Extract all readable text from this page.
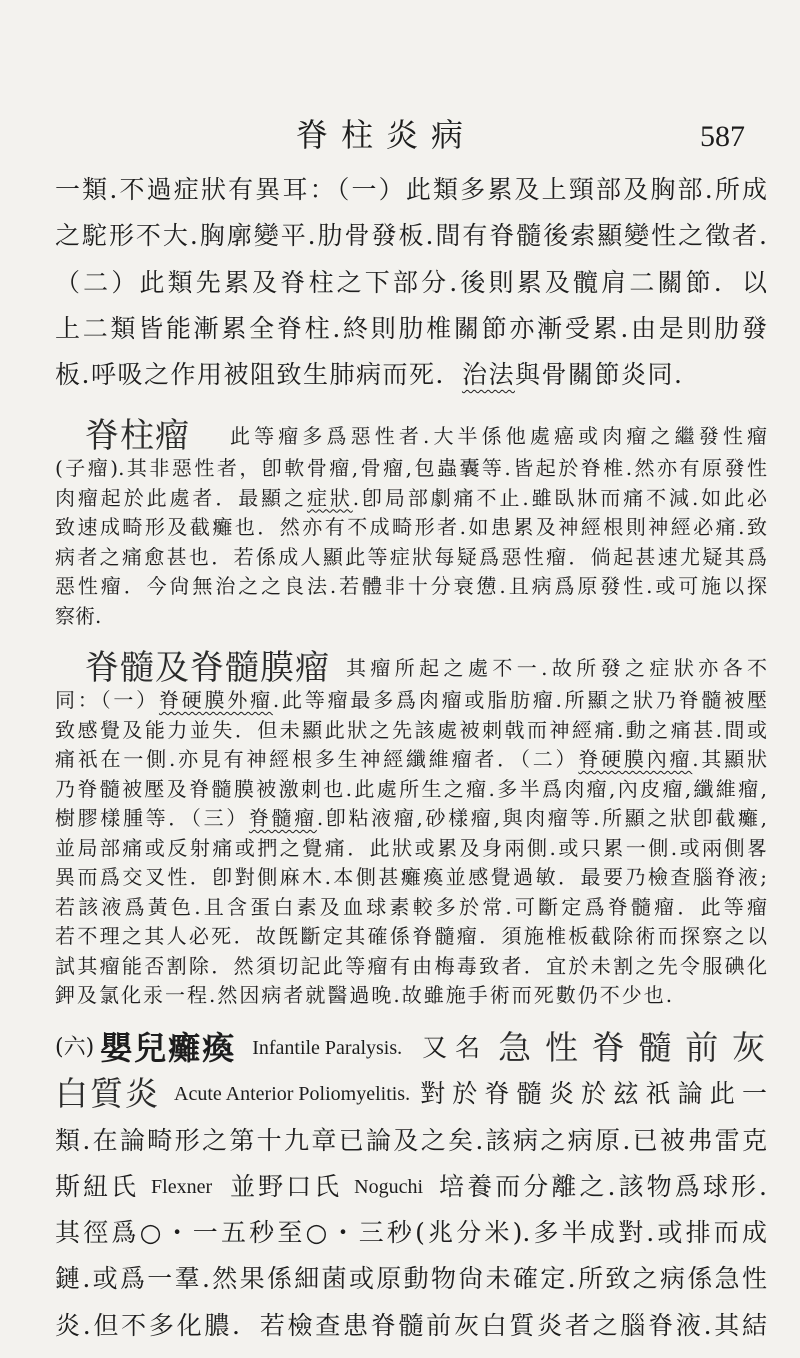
脊柱炎病	587
一類.不過症狀有異耳：（一）此類多累及上頸部及胸部.所成
之駝形不大.胸廓變平.肋骨發板.間有脊髓後索顯變性之徵者.
（二）此類先累及脊柱之下部分.後則累及髖肩二關節．以
上二類皆能漸累全脊柱.終則肋椎關節亦漸受累.由是則肋發
板.呼吸之作用被阻致生肺病而死．治法與骨關節炎同.
脊柱瘤 此等瘤多爲惡性者.大半係他處癌或肉瘤之繼發性瘤
(子瘤).其非惡性者，卽軟骨瘤,骨瘤,包蟲囊等.皆起於脊椎.然亦有原發性
肉瘤起於此處者．最顯之症狀.卽局部劇痛不止.雖臥牀而痛不減.如此必
致速成畸形及截癱也．然亦有不成畸形者.如患累及神經根則神經必痛.致
病者之痛愈甚也．若係成人顯此等症狀每疑爲惡性瘤．倘起甚速尤疑其爲
惡性瘤．今尙無治之之良法.若體非十分衰憊.且病爲原發性.或可施以探
察術.
脊髓及脊髓膜瘤 其瘤所起之處不一.故所發之症狀亦各不
同：（一）脊硬膜外瘤.此等瘤最多爲肉瘤或脂肪瘤.所顯之狀乃脊髓被壓
致感覺及能力並失．但未顯此狀之先該處被刺戟而神經痛.動之痛甚.間或
痛祇在一側.亦見有神經根多生神經纖維瘤者．（二）脊硬膜內瘤.其顯狀
乃脊髓被壓及脊髓膜被激刺也.此處所生之瘤.多半爲肉瘤,內皮瘤,纖維瘤,
樹膠樣腫等．（三）脊髓瘤.卽粘液瘤,砂樣瘤,與肉瘤等.所顯之狀卽截癱,
並局部痛或反射痛或捫之覺痛．此狀或累及身兩側.或只累一側.或兩側畧
異而爲交叉性．卽對側麻木.本側甚癱瘓並感覺過敏．最要乃檢查腦脊液;
若該液爲黃色.且含蛋白素及血球素較多於常.可斷定爲脊髓瘤．此等瘤
若不理之其人必死．故旣斷定其確係脊髓瘤．須施椎板截除術而探察之以
試其瘤能否割除．然須切記此等瘤有由梅毒致者．宜於未割之先令服碘化
鉀及氯化汞一程.然因病者就醫過晚.故雖施手術而死數仍不少也.
(六) 嬰兒癱瘓 Infantile Paralysis. 又名 急性脊髓前灰
白質炎 Acute Anterior Poliomyelitis. 對於脊髓炎於玆祇論此一
類.在論畸形之第十九章已論及之矣.該病之病原.已被弗雷克
斯紐氏 Flexner 並野口氏 Noguchi 培養而分離之.該物爲球形.
其徑爲○・一五秒至○・三秒(兆分米).多半成對.或排而成
鏈.或爲一羣.然果係細菌或原動物尙未確定.所致之病係急性
炎.但不多化膿．若檢查患脊髓前灰白質炎者之腦脊液.其結
